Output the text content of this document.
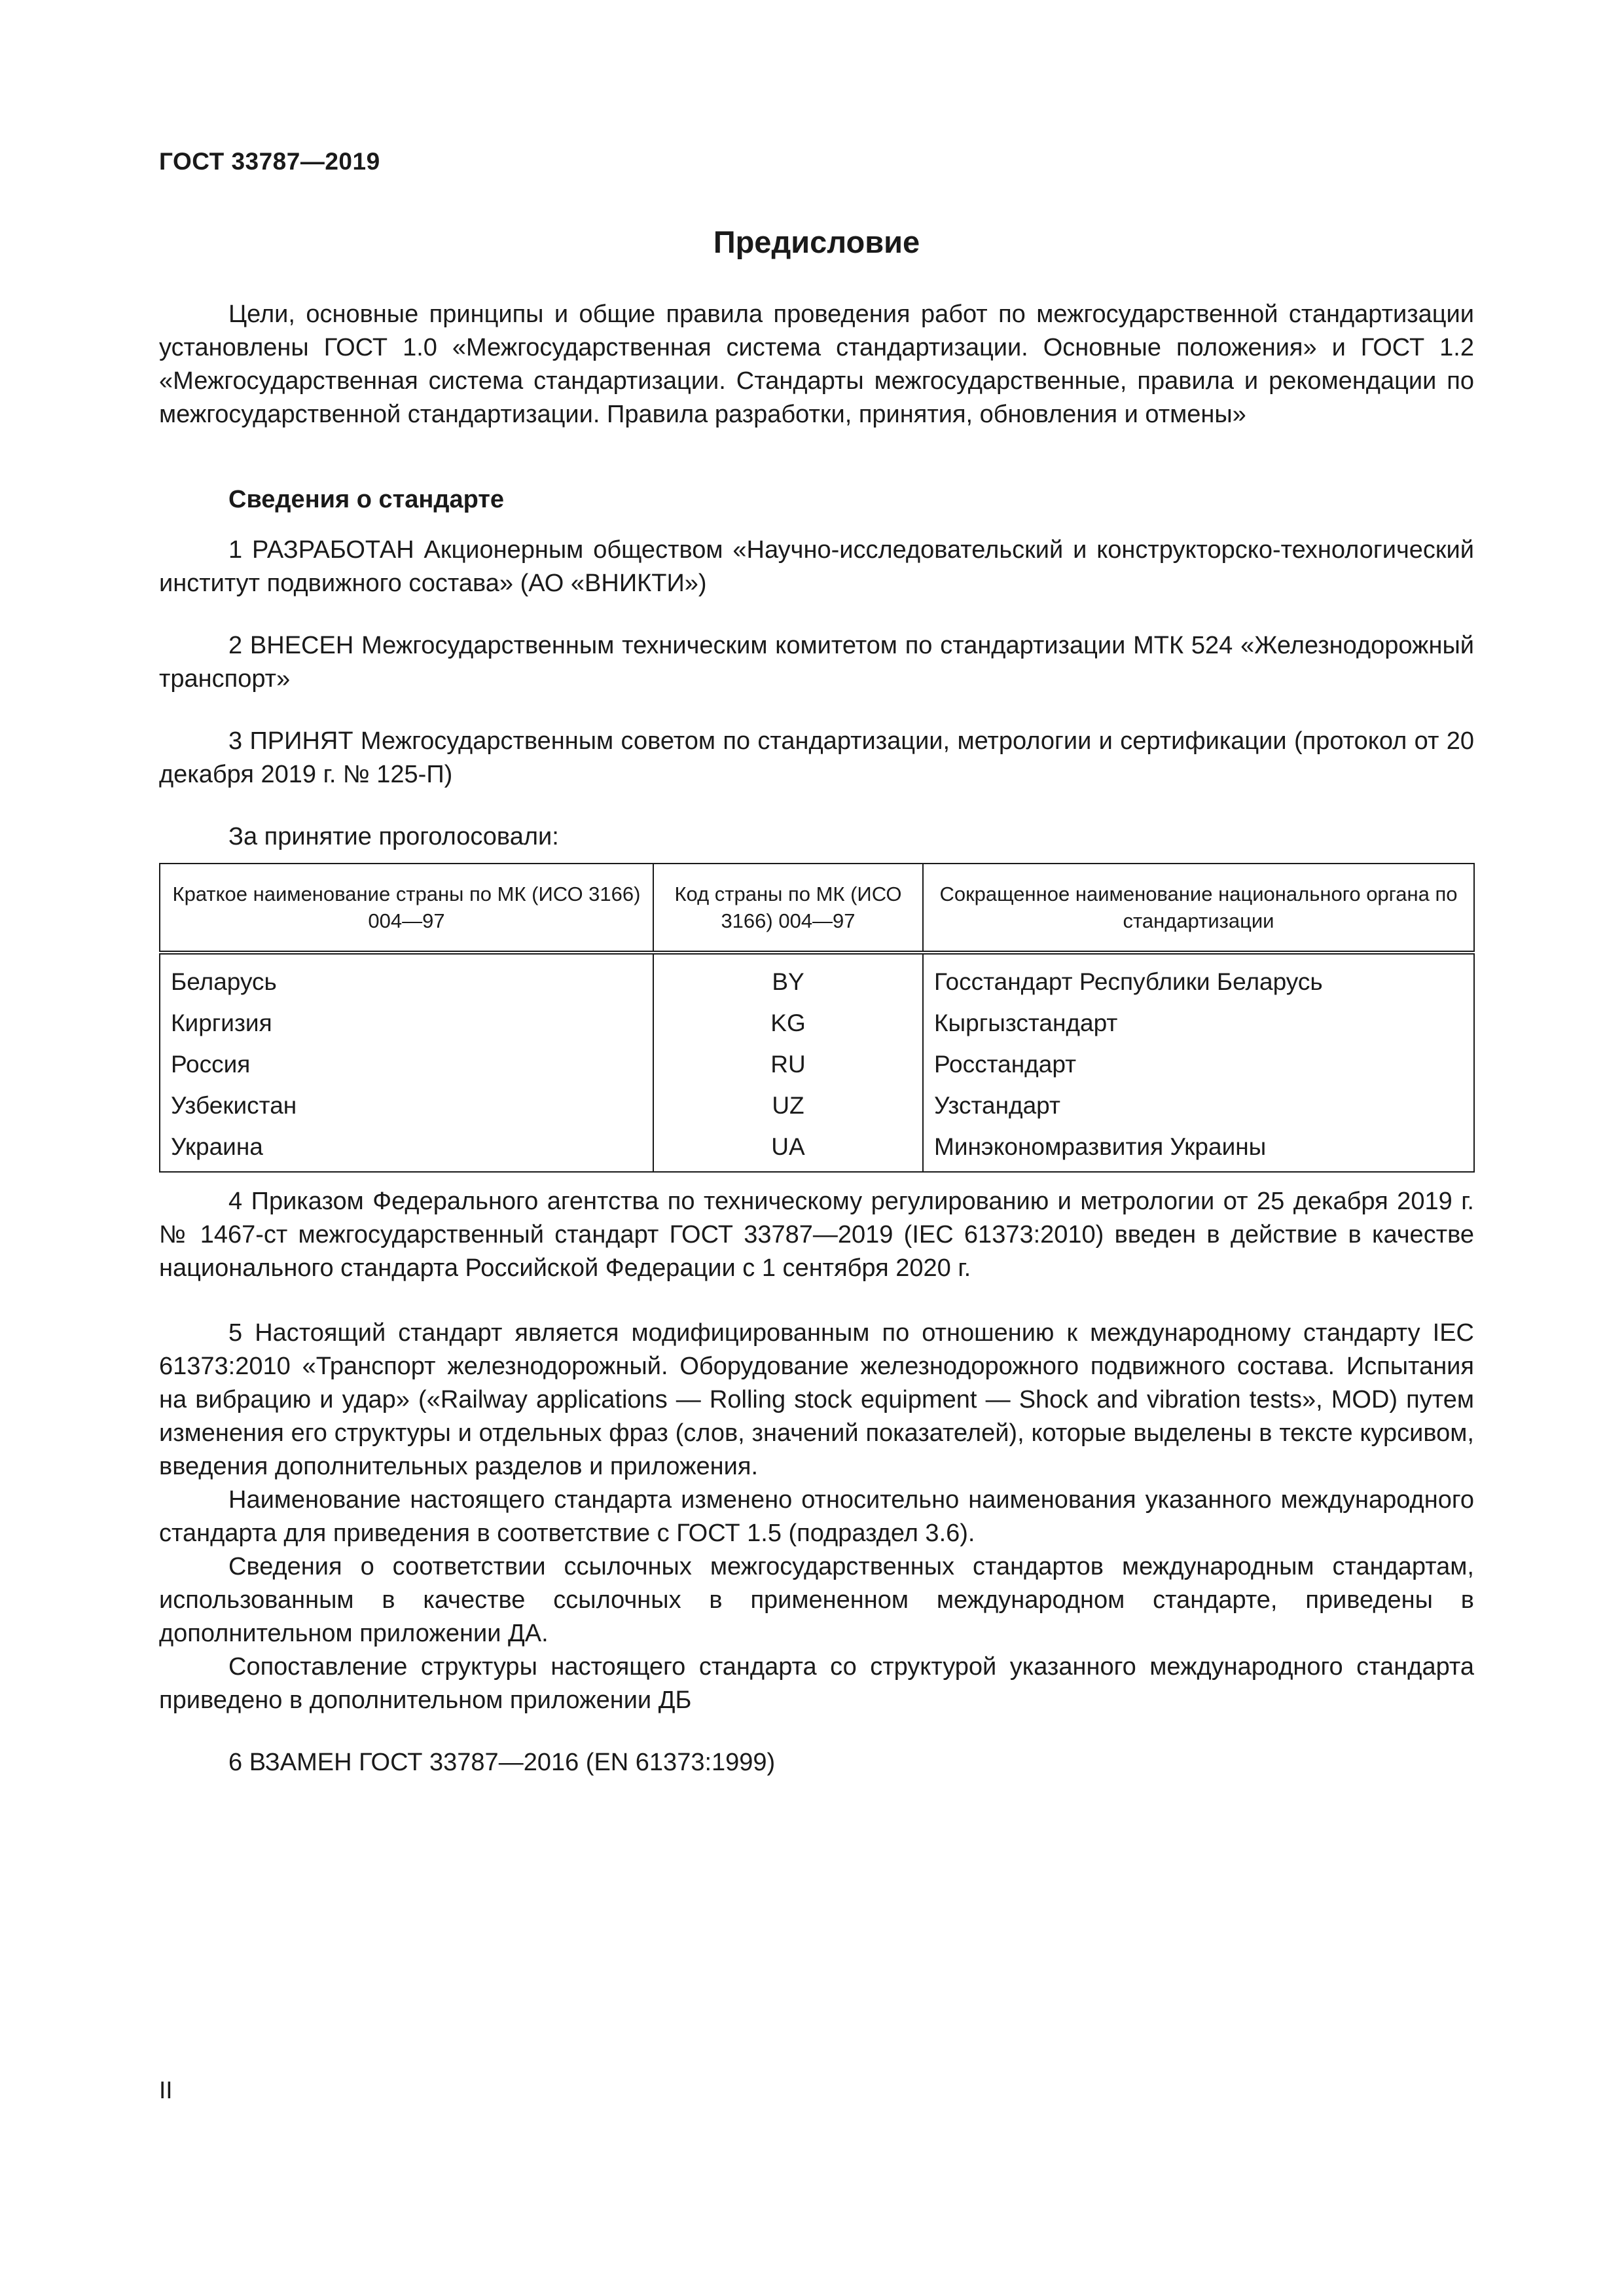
ГОСТ 33787—2019
Предисловие

Цели, основные принципы и общие правила проведения работ по межгосударственной стандартизации установлены ГОСТ 1.0 «Межгосударственная система стандартизации. Основные положения» и ГОСТ 1.2 «Межгосударственная система стандартизации. Стандарты межгосударственные, правила и рекомендации по межгосударственной стандартизации. Правила разработки, принятия, обновления и отмены»

Сведения о стандарте

1 РАЗРАБОТАН Акционерным обществом «Научно-исследовательский и конструкторско-технологический институт подвижного состава» (АО «ВНИКТИ»)

2 ВНЕСЕН Межгосударственным техническим комитетом по стандартизации МТК 524 «Железнодорожный транспорт»

3 ПРИНЯТ Межгосударственным советом по стандартизации, метрологии и сертификации (протокол от 20 декабря 2019 г. № 125-П)

За принятие проголосовали:
Краткое наименование страны по МК (ИСО 3166) 004—97	Код страны по МК (ИСО 3166) 004—97	Сокращенное наименование национального органа по стандартизации
Беларусь	BY	Госстандарт Республики Беларусь
Киргизия	KG	Кыргызстандарт
Россия	RU	Росстандарт
Узбекистан	UZ	Узстандарт
Украина	UA	Минэкономразвития Украины

4 Приказом Федерального агентства по техническому регулированию и метрологии от 25 декабря 2019 г. № 1467-ст межгосударственный стандарт ГОСТ 33787—2019 (IEC 61373:2010) введен в действие в качестве национального стандарта Российской Федерации с 1 сентября 2020 г.

5 Настоящий стандарт является модифицированным по отношению к международному стандарту IEC 61373:2010 «Транспорт железнодорожный. Оборудование железнодорожного подвижного состава. Испытания на вибрацию и удар» («Railway applications — Rolling stock equipment — Shock and vibration tests», MOD) путем изменения его структуры и отдельных фраз (слов, значений показателей), которые выделены в тексте курсивом, введения дополнительных разделов и приложения.

Наименование настоящего стандарта изменено относительно наименования указанного международного стандарта для приведения в соответствие с ГОСТ 1.5 (подраздел 3.6).

Сведения о соответствии ссылочных межгосударственных стандартов международным стандартам, использованным в качестве ссылочных в примененном международном стандарте, приведены в дополнительном приложении ДА.

Сопоставление структуры настоящего стандарта со структурой указанного международного стандарта приведено в дополнительном приложении ДБ

6 ВЗАМЕН ГОСТ 33787—2016 (EN 61373:1999)
II
